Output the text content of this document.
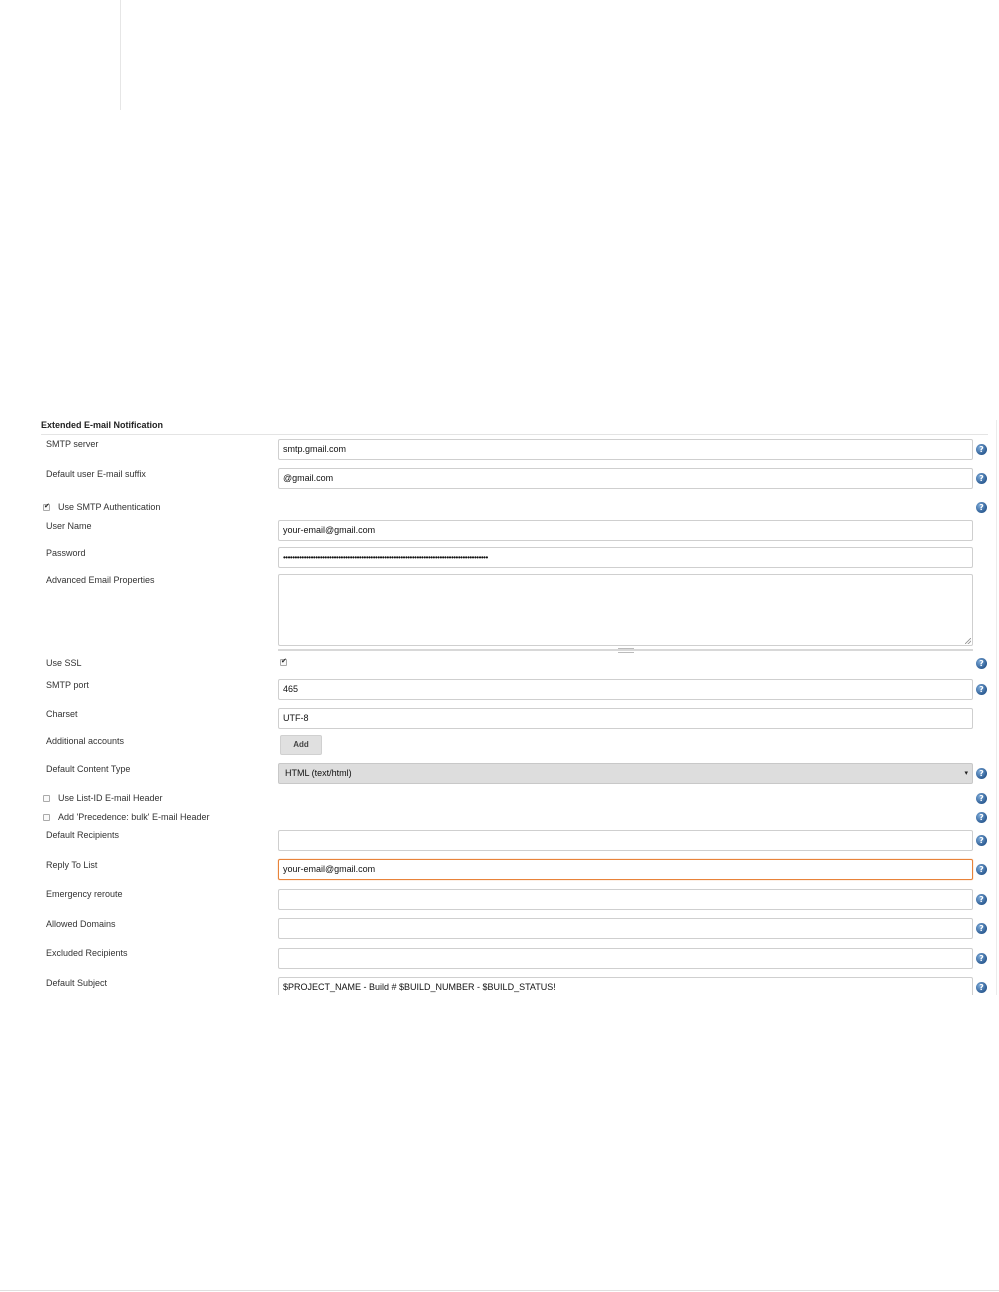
Extended E-mail Notification
SMTP server	smtp.gmail.com	?
Default user E-mail suffix	@gmail.com	?
✔
Use SMTP Authentication	?
User Name	your-email@gmail.com
Password	•••••••••••••••••••••••••••••••••••••••••••••••••••••••••••••••••••••••••••••••••••••••••
Advanced Email Properties
Use SSL
✔	?
SMTP port	465	?
Charset	UTF-8
Additional accounts	Add
Default Content Type	HTML (text/html)	▾	?
Use List-ID E-mail Header	?
Add 'Precedence: bulk' E-mail Header	?
Default Recipients
?
Reply To List	your-email@gmail.com	?
Emergency reroute
?
Allowed Domains	?
Excluded Recipients
?
Default Subject	$PROJECT_NAME - Build # $BUILD_NUMBER - $BUILD_STATUS!	?
